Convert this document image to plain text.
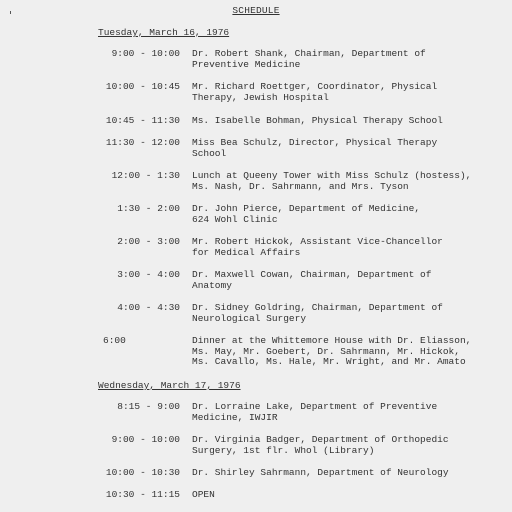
SCHEDULE
Tuesday, March 16, 1976
9:00 - 10:00 Dr. Robert Shank, Chairman, Department of
Preventive Medicine
10:00 - 10:45 Mr. Richard Roettger, Coordinator, Physical
Therapy, Jewish Hospital
10:45 - 11:30 Ms. Isabelle Bohman, Physical Therapy School
11:30 - 12:00 Miss Bea Schulz, Director, Physical Therapy
School
12:00 - 1:30 Lunch at Queeny Tower with Miss Schulz (hostess),
Ms. Nash, Dr. Sahrmann, and Mrs. Tyson
1:30 - 2:00 Dr. John Pierce, Department of Medicine,
624 Wohl Clinic
2:00 - 3:00 Mr. Robert Hickok, Assistant Vice-Chancellor
for Medical Affairs
3:00 - 4:00 Dr. Maxwell Cowan, Chairman, Department of
Anatomy
4:00 - 4:30 Dr. Sidney Goldring, Chairman, Department of
Neurological Surgery
6:00	Dinner at the Whittemore House with Dr. Eliasson,
Ms. May, Mr. Goebert, Dr. Sahrmann, Mr. Hickok,
Ms. Cavallo, Ms. Hale, Mr. Wright, and Mr. Amato
Wednesday, March 17, 1976
8:15 - 9:00 Dr. Lorraine Lake, Department of Preventive
Medicine, IWJIR
9:00 - 10:00 Dr. Virginia Badger, Department of Orthopedic
Surgery, 1st flr. Whol (Library)
10:00 - 10:30 Dr. Shirley Sahrmann, Department of Neurology
10:30 - 11:15 OPEN
